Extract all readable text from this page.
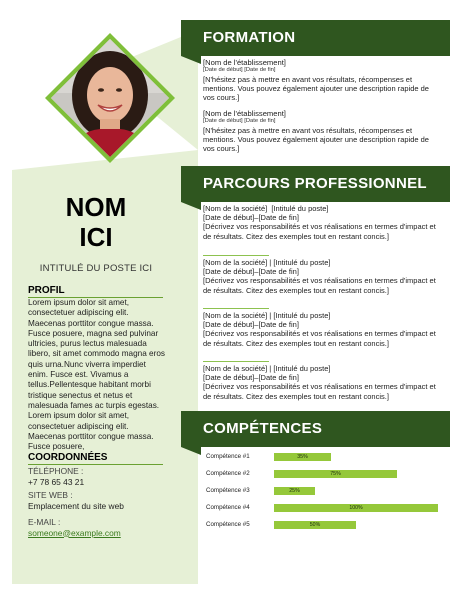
NOM
ICI
INTITULÉ DU POSTE ICI
PROFIL
Lorem ipsum dolor sit amet, consectetuer adipiscing elit. Maecenas porttitor congue massa. Fusce posuere, magna sed pulvinar ultricies, purus lectus malesuada libero, sit amet commodo magna eros quis urna.Nunc viverra imperdiet enim. Fusce est. Vivamus a tellus.Pellentesque habitant morbi tristique senectus et netus et malesuada fames ac turpis egestas. Lorem ipsum dolor sit amet, consectetuer adipiscing elit. Maecenas porttitor congue massa. Fusce posuere,
COORDONNÉES
TÉLÉPHONE :
+7 78 65 43 21
SITE WEB :
Emplacement du site web
E-MAIL :
someone@example.com
FORMATION
[Nom de l'établissement]
[Date de début] [Date de fin]
[N'hésitez pas à mettre en avant vos résultats, récompenses et mentions. Vous pouvez également ajouter une description rapide de vos cours.]
[Nom de l'établissement]
[Date de début] [Date de fin]
[N'hésitez pas à mettre en avant vos résultats, récompenses et mentions. Vous pouvez également ajouter une description rapide de vos cours.]
PARCOURS PROFESSIONNEL
[Nom de la société] [Intitulé du poste]
[Date de début]–[Date de fin]
[Décrivez vos responsabilités et vos réalisations en termes d'impact et de résultats. Citez des exemples tout en restant concis.]
[Nom de la société] | [Intitulé du poste]
[Date de début]–[Date de fin]
[Décrivez vos responsabilités et vos réalisations en termes d'impact et de résultats. Citez des exemples tout en restant concis.]
[Nom de la société] | [Intitulé du poste]
[Date de début]–[Date de fin]
[Décrivez vos responsabilités et vos réalisations en termes d'impact et de résultats. Citez des exemples tout en restant concis.]
[Nom de la société] | [Intitulé du poste]
[Date de début]–[Date de fin]
[Décrivez vos responsabilités et vos réalisations en termes d'impact et de résultats. Citez des exemples tout en restant concis.]
COMPÉTENCES
Compétence #1	35%
Compétence #2	75%
Compétence #3	25%
Compétence #4	100%
Compétence #5	50%
